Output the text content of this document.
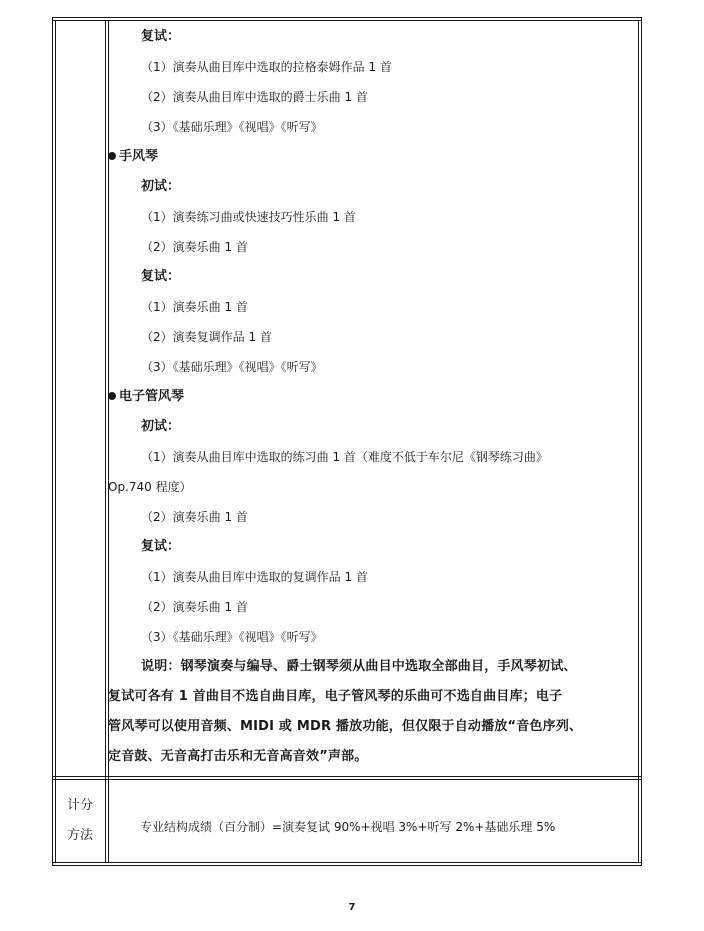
复试：
（1）演奏从曲目库中选取的拉格泰姆作品 1 首
（2）演奏从曲目库中选取的爵士乐曲 1 首
（3）《基础乐理》《视唱》《听写》
手风琴
初试：
（1）演奏练习曲或快速技巧性乐曲 1 首
（2）演奏乐曲 1 首
复试：
（1）演奏乐曲 1 首
（2）演奏复调作品 1 首
（3）《基础乐理》《视唱》《听写》
电子管风琴
初试：
（1）演奏从曲目库中选取的练习曲 1 首（难度不低于车尔尼《钢琴练习曲》
Op.740 程度）
（2）演奏乐曲 1 首
复试：
（1）演奏从曲目库中选取的复调作品 1 首
（2）演奏乐曲 1 首
（3）《基础乐理》《视唱》《听写》
说明：钢琴演奏与编导、爵士钢琴须从曲目中选取全部曲目，手风琴初试、
复试可各有 1 首曲目不选自曲目库，电子管风琴的乐曲可不选自曲目库；电子
管风琴可以使用音频、MIDI 或 MDR 播放功能，但仅限于自动播放“音色序列、
定音鼓、无音高打击乐和无音高音效”声部。
计分
方法
专业结构成绩（百分制）=演奏复试 90%+视唱 3%+听写 2%+基础乐理 5%
7
